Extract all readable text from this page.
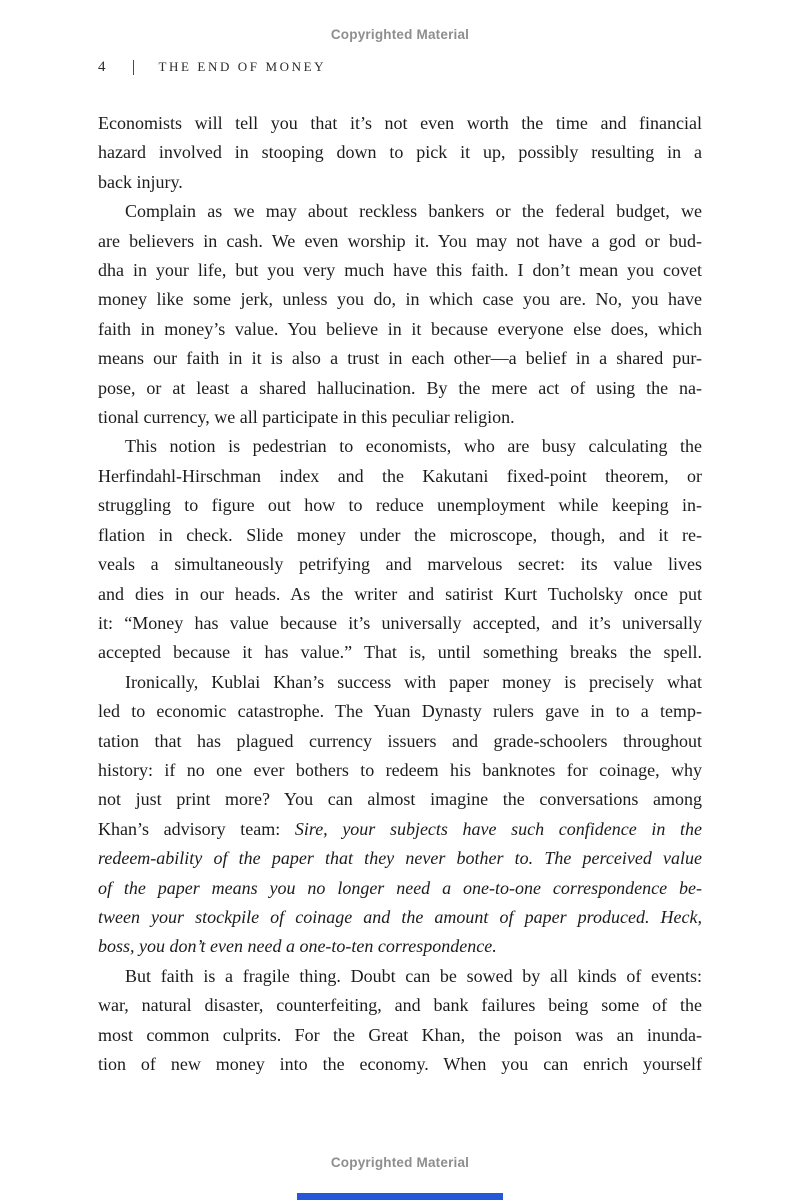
Copyrighted Material
4	THE END OF MONEY
Economists will tell you that it’s not even worth the time and financial
hazard involved in stooping down to pick it up, possibly resulting in a
back injury.
Complain as we may about reckless bankers or the federal budget, we
are believers in cash. We even worship it. You may not have a god or bud-
dha in your life, but you very much have this faith. I don’t mean you covet
money like some jerk, unless you do, in which case you are. No, you have
faith in money’s value. You believe in it because everyone else does, which
means our faith in it is also a trust in each other—a belief in a shared pur-
pose, or at least a shared hallucination. By the mere act of using the na-
tional currency, we all participate in this peculiar religion.
This notion is pedestrian to economists, who are busy calculating the
Herfindahl-Hirschman index and the Kakutani fixed-point theorem, or
struggling to figure out how to reduce unemployment while keeping in-
flation in check. Slide money under the microscope, though, and it re-
veals a simultaneously petrifying and marvelous secret: its value lives
and dies in our heads. As the writer and satirist Kurt Tucholsky once put
it: “Money has value because it’s universally accepted, and it’s universally
accepted because it has value.” That is, until something breaks the spell.
Ironically, Kublai Khan’s success with paper money is precisely what
led to economic catastrophe. The Yuan Dynasty rulers gave in to a temp-
tation that has plagued currency issuers and grade-schoolers throughout
history: if no one ever bothers to redeem his banknotes for coinage, why
not just print more? You can almost imagine the conversations among
Khan’s advisory team: Sire, your subjects have such confidence in the
redeem-ability of the paper that they never bother to. The perceived value
of the paper means you no longer need a one-to-one correspondence be-
tween your stockpile of coinage and the amount of paper produced. Heck,
boss, you don’t even need a one-to-ten correspondence.
But faith is a fragile thing. Doubt can be sowed by all kinds of events:
war, natural disaster, counterfeiting, and bank failures being some of the
most common culprits. For the Great Khan, the poison was an inunda-
tion of new money into the economy. When you can enrich yourself
Copyrighted Material
